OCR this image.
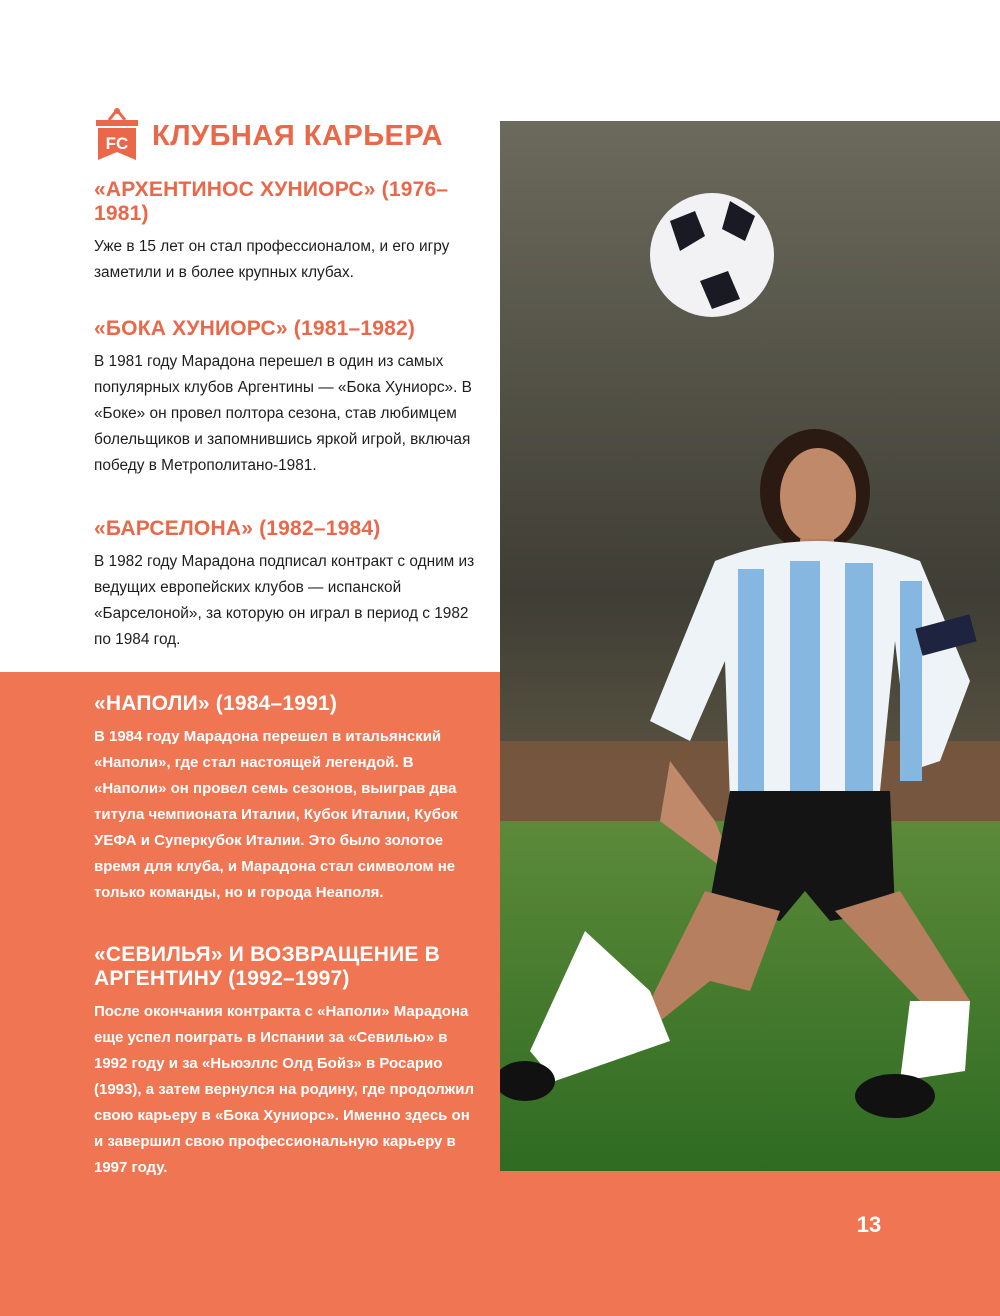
FC КЛУБНАЯ КАРЬЕРА
«АРХЕНТИНОС ХУНИОРС» (1976–1981)

Уже в 15 лет он стал профессионалом, и его игру заметили и в более крупных клубах.

«БОКА ХУНИОРС» (1981–1982)

В 1981 году Марадона перешел в один из самых популярных клубов Аргентины — «Бока Хуниорс». В «Боке» он провел полтора сезона, став любимцем болельщиков и запомнившись яркой игрой, включая победу в Метрополитано-1981.

«БАРСЕЛОНА» (1982–1984)

В 1982 году Марадона подписал контракт с одним из ведущих европейских клубов — испанской «Барселоной», за которую он играл в период с 1982 по 1984 год.

«НАПОЛИ» (1984–1991)

В 1984 году Марадона перешел в итальянский «Наполи», где стал настоящей легендой. В «Наполи» он провел семь сезонов, выиграв два титула чемпионата Италии, Кубок Италии, Кубок УЕФА и Суперкубок Италии. Это было золотое время для клуба, и Марадона стал символом не только команды, но и города Неаполя.

«СЕВИЛЬЯ» И ВОЗВРАЩЕНИЕ В АРГЕНТИНУ (1992–1997)

После окончания контракта с «Наполи» Марадона еще успел поиграть в Испании за «Севилью» в 1992 году и за «Ньюэллс Олд Бойз» в Росарио (1993), а затем вернулся на родину, где продолжил свою карьеру в «Бока Хуниорс». Именно здесь он и завершил свою профессиональную карьеру в 1997 году.

13
